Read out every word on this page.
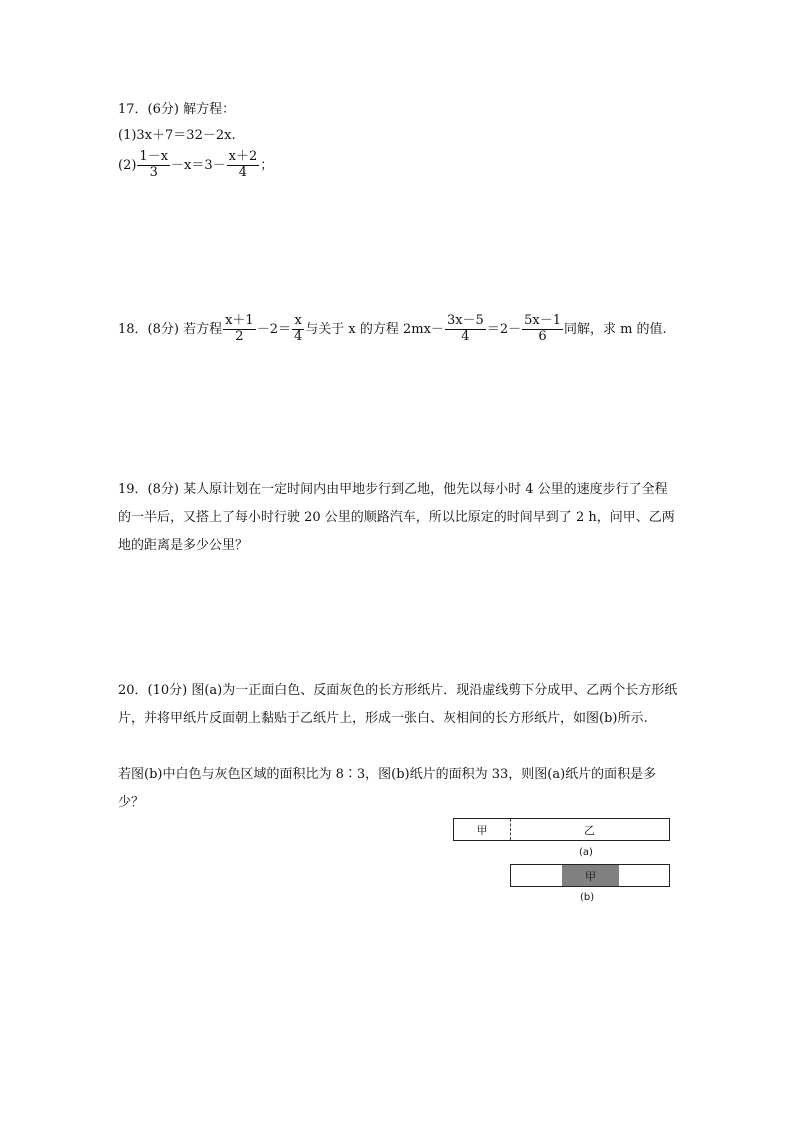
17．(6分) 解方程：
(1)3x＋7＝32－2x.
$(2) \frac{1-x}{3} -x=3- \frac{x+2}{4}$ ；
18．(8分) 若方程 $\frac{x+1}{2} -2= \frac{x}{4}$ 与关于 x 的方程 $2mx- \frac{3x-5}{4} =2- \frac{5x-1}{6}$ 同解，求 m 的值.
19．(8分) 某人原计划在一定时间内由甲地步行到乙地，他先以每小时 4 公里的速度步行了全程的一半后，又搭上了每小时行驶 20 公里的顺路汽车，所以比原定的时间早到了 2 h，问甲、乙两地的距离是多少公里？
20．(10分) 图(a)为一正面白色、反面灰色的长方形纸片．现沿虚线剪下分成甲、乙两个长方形纸片，并将甲纸片反面朝上黏贴于乙纸片上，形成一张白、灰相间的长方形纸片，如图(b)所示.
若图(b)中白色与灰色区域的面积比为 8∶3，图(b)纸片的面积为 33，则图(a)纸片的面积是多少？
甲	乙
(a)
甲
(b)
